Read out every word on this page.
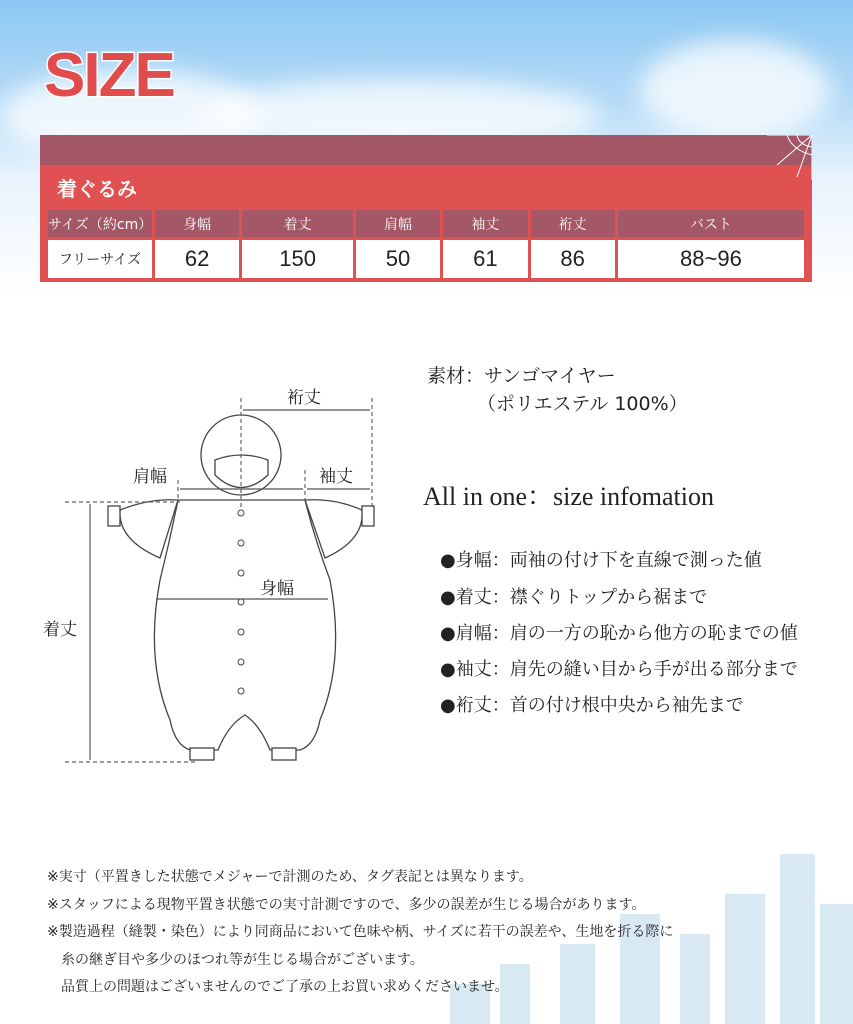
SIZE
着ぐるみ
サイズ（約cm）	身幅	着丈	肩幅	袖丈	裄丈	バスト
フリーサイズ	62	150	50	61	86	88~96
裄丈
肩幅	袖丈
身幅
着丈
素材：サンゴマイヤー
（ポリエステル 100%）
All in one：size infomation
●身幅：両袖の付け下を直線で測った値
●着丈：襟ぐりトップから裾まで
●肩幅：肩の一方の恥から他方の恥までの値
●袖丈：肩先の縫い目から手が出る部分まで
●裄丈：首の付け根中央から袖先まで
※実寸（平置きした状態でメジャーで計測のため、タグ表記とは異なります。
※スタッフによる現物平置き状態での実寸計測ですので、多少の誤差が生じる場合があります。
※製造過程（縫製・染色）により同商品において色味や柄、サイズに若干の誤差や、生地を折る際に
　糸の継ぎ目や多少のほつれ等が生じる場合がございます。
　品質上の問題はございませんのでご了承の上お買い求めくださいませ。
